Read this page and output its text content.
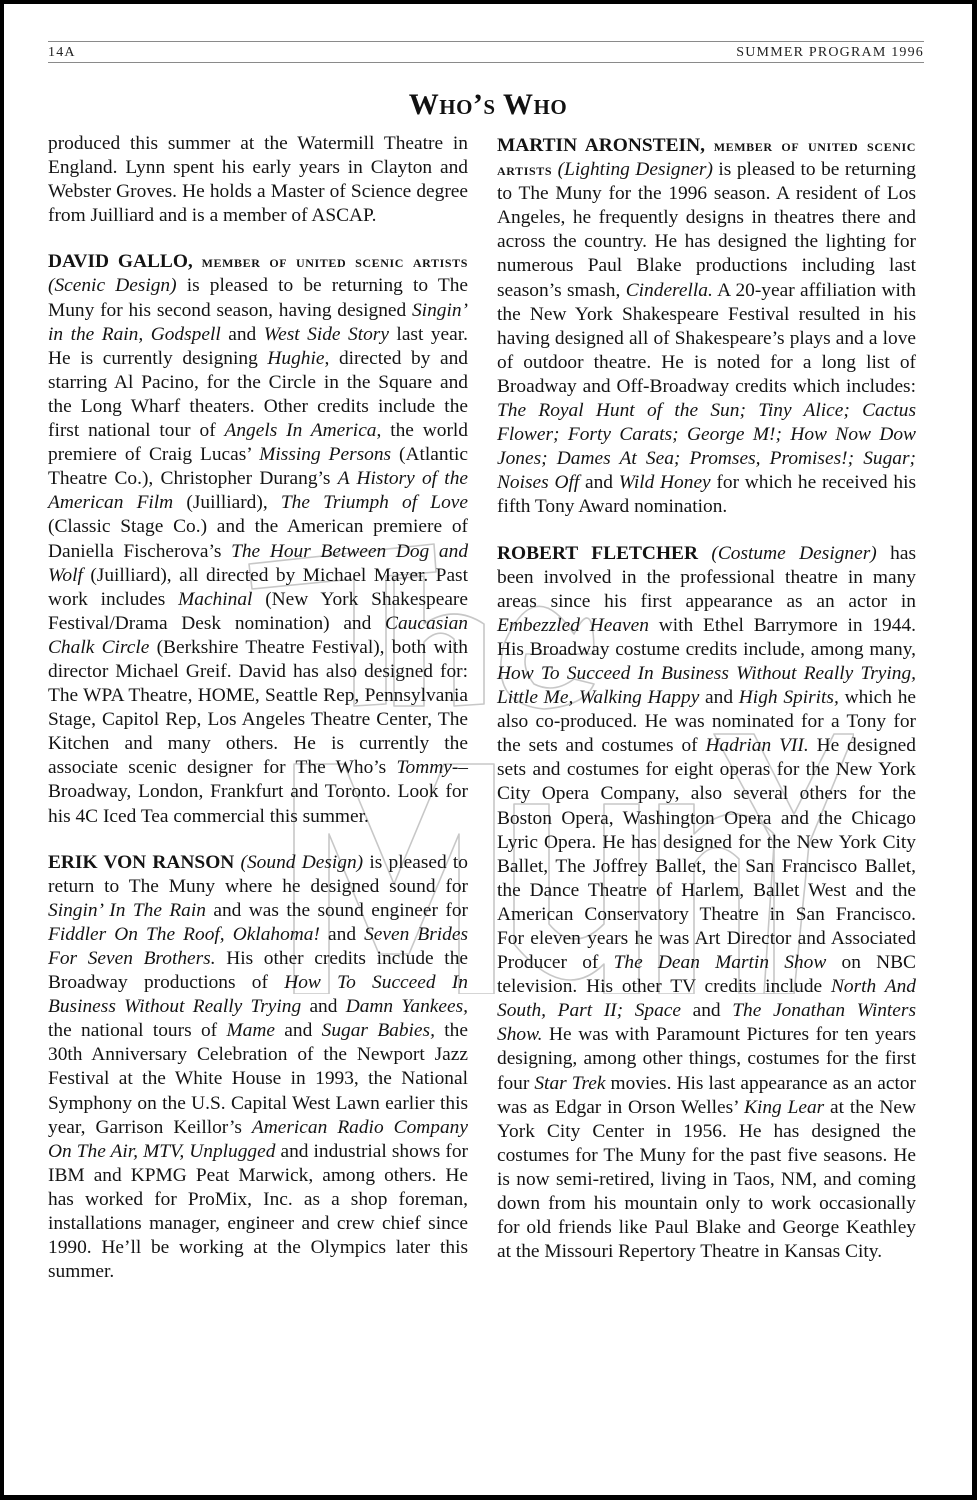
14A	SUMMER PROGRAM 1996
Who’s Who

produced this summer at the Watermill Theatre in England. Lynn spent his early years in Clayton and Webster Groves. He holds a Master of Science degree from Juilliard and is a member of ASCAP.

DAVID GALLO, member of united scenic artists (Scenic Design) is pleased to be returning to The Muny for his second season, having designed Singin’ in the Rain, Godspell and West Side Story last year. He is currently designing Hughie, directed by and starring Al Pacino, for the Circle in the Square and the Long Wharf theaters. Other credits include the first national tour of Angels In America, the world premiere of Craig Lucas’ Missing Persons (Atlantic Theatre Co.), Christopher Durang’s A History of the American Film (Juilliard), The Triumph of Love (Classic Stage Co.) and the American premiere of Daniella Fischerova’s The Hour Between Dog and Wolf (Juilliard), all directed by Michael Mayer. Past work includes Machinal (New York Shakespeare Festival/Drama Desk nomination) and Caucasian Chalk Circle (Berkshire Theatre Festival), both with director Michael Greif. David has also designed for: The WPA Theatre, HOME, Seattle Rep, Pennsylvania Stage, Capitol Rep, Los Angeles Theatre Center, The Kitchen and many others. He is currently the associate scenic designer for The Who’s Tommy-– Broadway, London, Frankfurt and Toronto. Look for his 4C Iced Tea commercial this summer.

ERIK VON RANSON (Sound Design) is pleased to return to The Muny where he designed sound for Singin’ In The Rain and was the sound engineer for Fiddler On The Roof, Oklahoma! and Seven Brides For Seven Brothers. His other credits include the Broadway productions of How To Succeed In Business Without Really Trying and Damn Yankees, the national tours of Mame and Sugar Babies, the 30th Anniversary Celebration of the Newport Jazz Festival at the White House in 1993, the National Symphony on the U.S. Capital West Lawn earlier this year, Garrison Keillor’s American Radio Company On The Air, MTV, Unplugged and industrial shows for IBM and KPMG Peat Marwick, among others. He has worked for ProMix, Inc. as a shop foreman, installations manager, engineer and crew chief since 1990. He’ll be working at the Olympics later this summer.

MARTIN ARONSTEIN, member of united scenic artists (Lighting Designer) is pleased to be returning to The Muny for the 1996 season. A resident of Los Angeles, he frequently designs in theatres there and across the country. He has designed the lighting for numerous Paul Blake productions including last season’s smash, Cinderella. A 20-year affiliation with the New York Shakespeare Festival resulted in his having designed all of Shakespeare’s plays and a love of outdoor theatre. He is noted for a long list of Broadway and Off-Broadway credits which includes: The Royal Hunt of the Sun; Tiny Alice; Cactus Flower; Forty Carats; George M!; How Now Dow Jones; Dames At Sea; Promses, Promises!; Sugar; Noises Off and Wild Honey for which he received his fifth Tony Award nomination.

ROBERT FLETCHER (Costume Designer) has been involved in the professional theatre in many areas since his first appearance as an actor in Embezzled Heaven with Ethel Barrymore in 1944. His Broadway costume credits include, among many, How To Succeed In Business Without Really Trying, Little Me, Walking Happy and High Spirits, which he also co-produced. He was nominated for a Tony for the sets and costumes of Hadrian VII. He designed sets and costumes for eight operas for the New York City Opera Company, also several others for the Boston Opera, Washington Opera and the Chicago Lyric Opera. He has designed for the New York City Ballet, The Joffrey Ballet, the San Francisco Ballet, the Dance Theatre of Harlem, Ballet West and the American Conservatory Theatre in San Francisco. For eleven years he was Art Director and Associated Producer of The Dean Martin Show on NBC television. His other TV credits include North And South, Part II; Space and The Jonathan Winters Show. He was with Paramount Pictures for ten years designing, among other things, costumes for the first four Star Trek movies. His last appearance as an actor was as Edgar in Orson Welles’ King Lear at the New York City Center in 1956. He has designed the costumes for The Muny for the past five seasons. He is now semi-retired, living in Taos, NM, and coming down from his mountain only to work occasionally for old friends like Paul Blake and George Keathley at the Missouri Repertory Theatre in Kansas City.
